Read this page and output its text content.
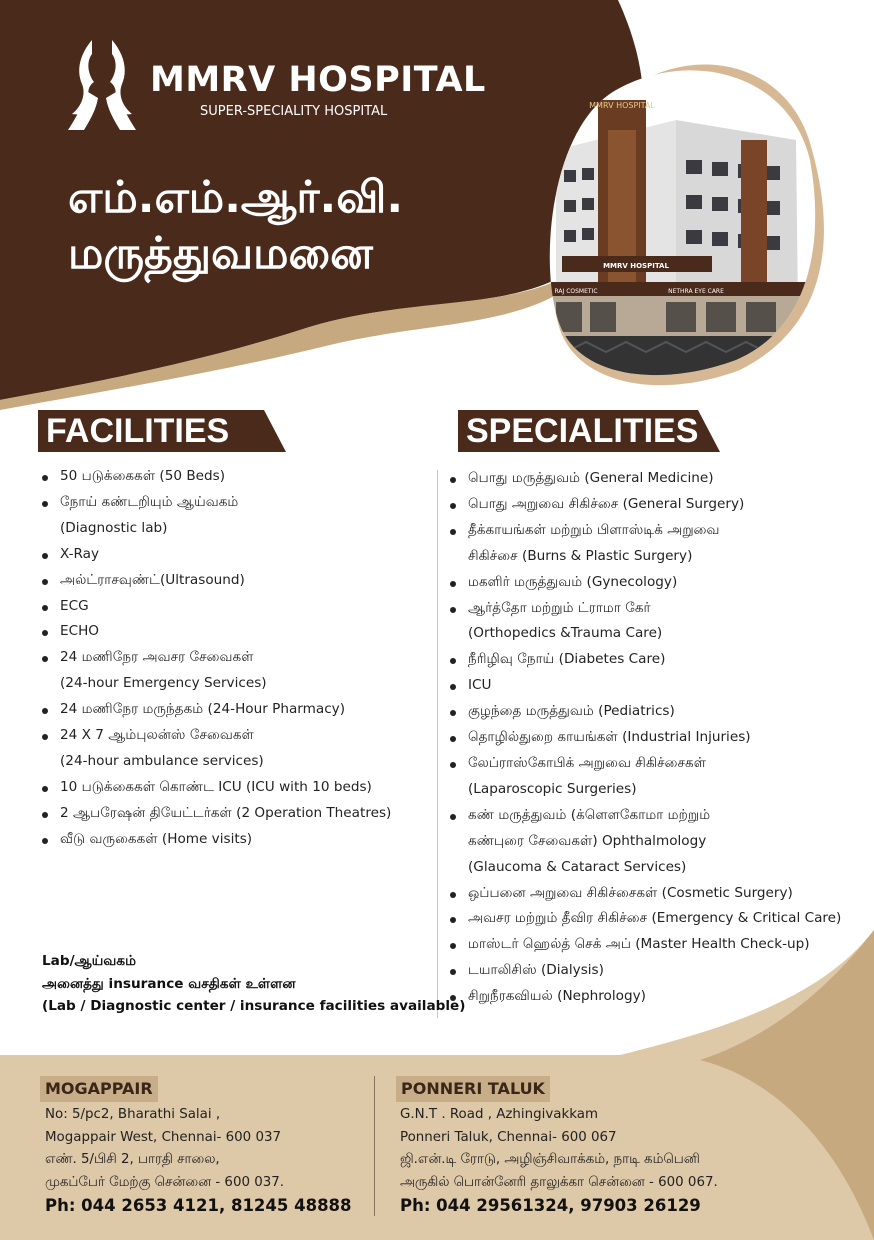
MMRV HOSPITAL
SUPER-SPECIALITY HOSPITAL
எம்.எம்.ஆர்.வி.
மருத்துவமனை
MMRV HOSPITAL
MMRV HOSPITAL
RAJ COSMETIC	NETHRA EYE CARE
FACILITIES	SPECIALITIES
50 படுக்கைகள் (50 Beds)
நோய் கண்டறியும் ஆய்வகம்
(Diagnostic lab)
X-Ray
அல்ட்ராசவுண்ட்(Ultrasound)
ECG
ECHO
24 மணிநேர அவசர சேவைகள்
(24-hour Emergency Services)
24 மணிநேர மருந்தகம் (24-Hour Pharmacy)
24 X 7 ஆம்புலன்ஸ் சேவைகள்
(24-hour ambulance services)
10 படுக்கைகள் கொண்ட ICU (ICU with 10 beds)
2 ஆபரேஷன் தியேட்டர்கள் (2 Operation Theatres)
வீடு வருகைகள் (Home visits)
பொது மருத்துவம் (General Medicine)
பொது அறுவை சிகிச்சை (General Surgery)
தீக்காயங்கள் மற்றும் பிளாஸ்டிக் அறுவை
சிகிச்சை (Burns & Plastic Surgery)
மகளிர் மருத்துவம் (Gynecology)
ஆர்த்தோ மற்றும் ட்ராமா கேர்
(Orthopedics &Trauma Care)
நீரிழிவு நோய் (Diabetes Care)
ICU
குழந்தை மருத்துவம் (Pediatrics)
தொழில்துறை காயங்கள் (Industrial Injuries)
லேப்ராஸ்கோபிக் அறுவை சிகிச்சைகள்
(Laparoscopic Surgeries)
கண் மருத்துவம் (க்ளௌகோமா மற்றும்
கண்புரை சேவைகள்) Ophthalmology
(Glaucoma & Cataract Services)
ஒப்பனை அறுவை சிகிச்சைகள் (Cosmetic Surgery)
அவசர மற்றும் தீவிர சிகிச்சை (Emergency & Critical Care)
மாஸ்டர் ஹெல்த் செக் அப் (Master Health Check-up)
டயாலிசிஸ் (Dialysis)
சிறுநீரகவியல் (Nephrology)
Lab/ஆய்வகம்
அனைத்து insurance வசதிகள் உள்ளன
(Lab / Diagnostic center / insurance facilities available)
MOGAPPAIR
No: 5/pc2, Bharathi Salai ,
Mogappair West, Chennai- 600 037
எண். 5/பிசி 2, பாரதி சாலை,
முகப்பேர் மேற்கு சென்னை - 600 037.
Ph: 044 2653 4121, 81245 48888
PONNERI TALUK
G.N.T . Road , Azhingivakkam
Ponneri Taluk, Chennai- 600 067
ஜி.என்.டி ரோடு, அழிஞ்சிவாக்கம், நாடி கம்பெனி
அருகில் பொன்னேரி தாலுக்கா சென்னை - 600 067.
Ph: 044 29561324, 97903 26129
